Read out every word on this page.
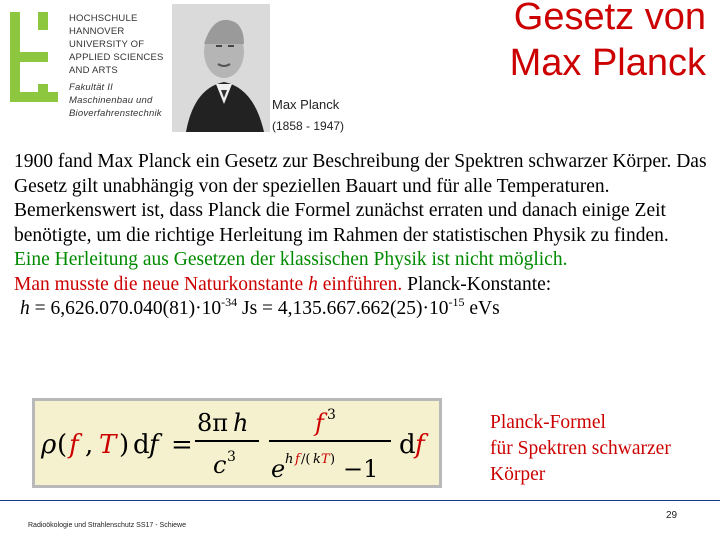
HOCHSCHULE
HANNOVER
UNIVERSITY OF
APPLIED SCIENCES
AND ARTS
Fakultät II
Maschinenbau und
Bioverfahrenstechnik
Max Planck
(1858 - 1947)
Gesetz von
Max Planck

1900 fand Max Planck ein Gesetz zur Beschreibung der Spektren schwarzer Körper. Das Gesetz gilt unabhängig von der speziellen Bauart und für alle Temperaturen. Bemerkenswert ist, dass Planck die Formel zunächst erraten und danach einige Zeit benötigte, um die richtige Herleitung im Rahmen der statistischen Physik zu finden.

Eine Herleitung aus Gesetzen der klassischen Physik ist nicht möglich.

Man musste die neue Naturkonstante h einführen. Planck-Konstante:

$h = 6,626.070.040(81)\cdot 10^{-34}$ $Js = 4,135.667.662(25)\cdot 10^{-15}$ eVs

ρ ( f , T ) d f =
8π h
c 3
f 3
e h f /( k T ) −1
d f
Planck-Formel
für Spektren schwarzer
Körper
Radioökologie und Strahlenschutz SS17 - Schiewe
29
